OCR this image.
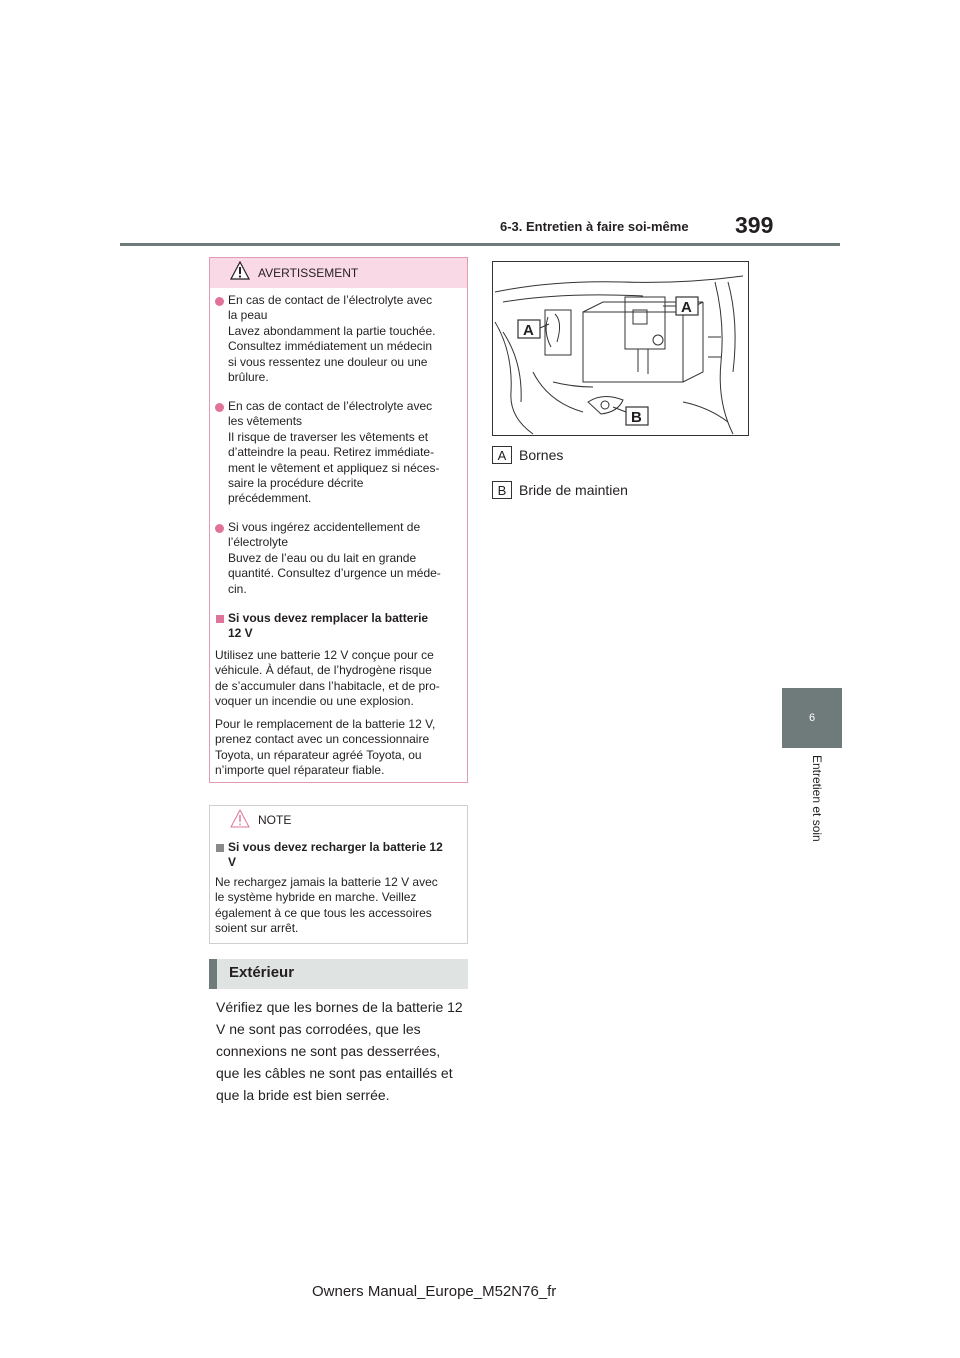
6-3. Entretien à faire soi-même 399
6
Entretien et soin
AVERTISSEMENT
En cas de contact de l’électrolyte avec
la peau
Lavez abondamment la partie touchée.
Consultez immédiatement un médecin
si vous ressentez une douleur ou une
brûlure.
En cas de contact de l’électrolyte avec
les vêtements
Il risque de traverser les vêtements et
d’atteindre la peau. Retirez immédiate-
ment le vêtement et appliquez si néces-
saire la procédure décrite
précédemment.
Si vous ingérez accidentellement de
l’électrolyte
Buvez de l’eau ou du lait en grande
quantité. Consultez d’urgence un méde-
cin.
Si vous devez remplacer la batterie
12 V
Utilisez une batterie 12 V conçue pour ce
véhicule. À défaut, de l’hydrogène risque
de s’accumuler dans l’habitacle, et de pro-
voquer un incendie ou une explosion.
Pour le remplacement de la batterie 12 V,
prenez contact avec un concessionnaire
Toyota, un réparateur agréé Toyota, ou
n’importe quel réparateur fiable.
NOTE
Si vous devez recharger la batterie 12
V
Ne rechargez jamais la batterie 12 V avec
le système hybride en marche. Veillez
également à ce que tous les accessoires
soient sur arrêt.
Extérieur
Vérifiez que les bornes de la batterie 12
V ne sont pas corrodées, que les
connexions ne sont pas desserrées,
que les câbles ne sont pas entaillés et
que la bride est bien serrée.
A
A
B
A Bornes
B Bride de maintien
Owners Manual_Europe_M52N76_fr
